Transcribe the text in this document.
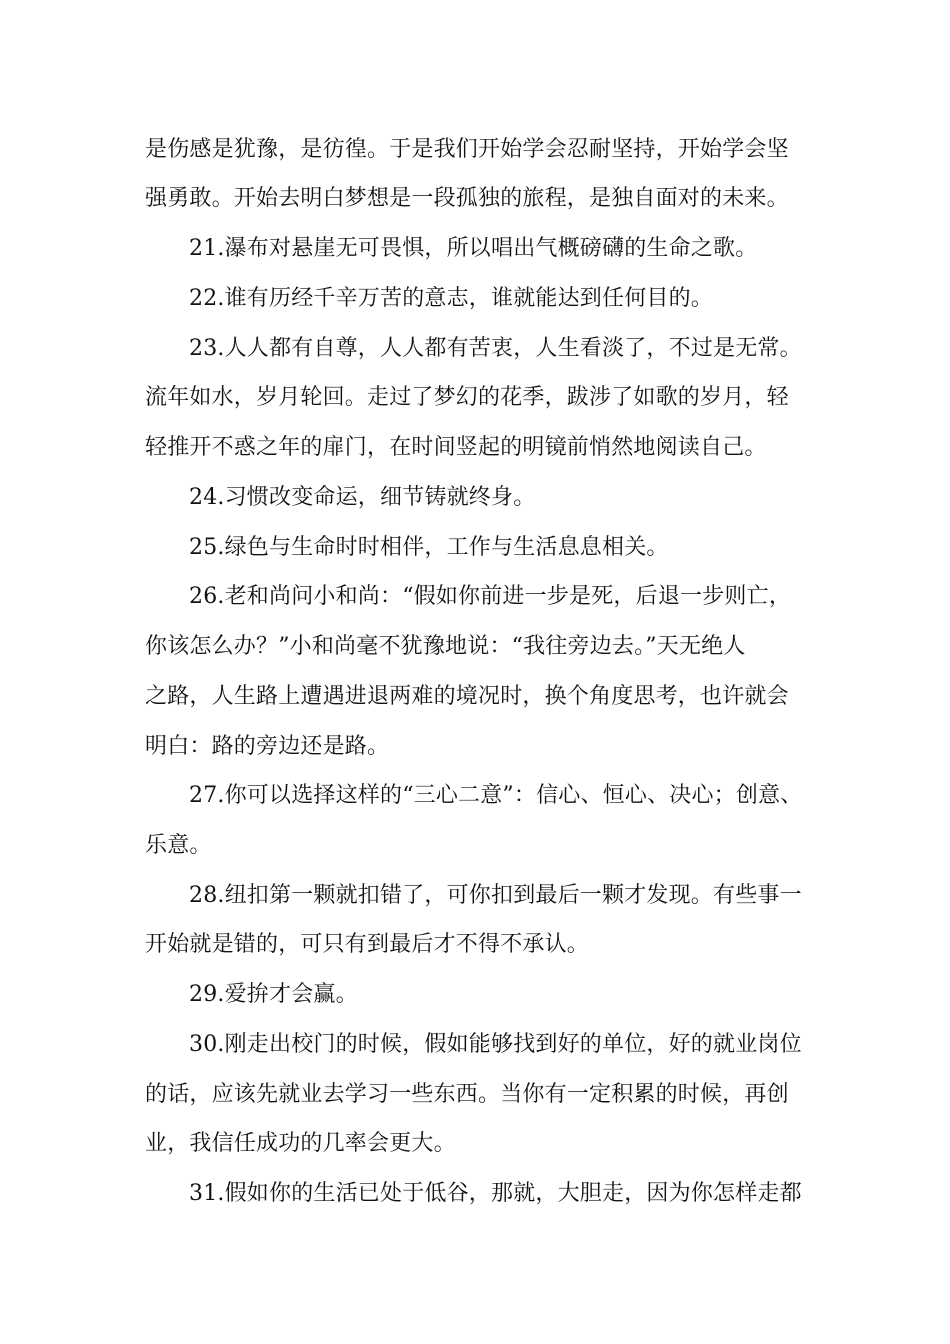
是伤感是犹豫，是彷徨。于是我们开始学会忍耐坚持，开始学会坚
强勇敢。开始去明白梦想是一段孤独的旅程，是独自面对的未来。
21.瀑布对悬崖无可畏惧，所以唱出气概磅礴的生命之歌。
22.谁有历经千辛万苦的意志，谁就能达到任何目的。
23.人人都有自尊，人人都有苦衷，人生看淡了，不过是无常。
流年如水，岁月轮回。走过了梦幻的花季，跋涉了如歌的岁月，轻
轻推开不惑之年的扉门，在时间竖起的明镜前悄然地阅读自己。
24.习惯改变命运，细节铸就终身。
25.绿色与生命时时相伴，工作与生活息息相关。
26.老和尚问小和尚：“假如你前进一步是死，后退一步则亡，
你该怎么办？”小和尚毫不犹豫地说：“我往旁边去。”天无绝人
之路，人生路上遭遇进退两难的境况时，换个角度思考，也许就会
明白：路的旁边还是路。
27.你可以选择这样的“三心二意”：信心、恒心、决心；创意、
乐意。
28.纽扣第一颗就扣错了，可你扣到最后一颗才发现。有些事一
开始就是错的，可只有到最后才不得不承认。
29.爱拚才会赢。
30.刚走出校门的时候，假如能够找到好的单位，好的就业岗位
的话，应该先就业去学习一些东西。当你有一定积累的时候，再创
业，我信任成功的几率会更大。
31.假如你的生活已处于低谷，那就，大胆走，因为你怎样走都
